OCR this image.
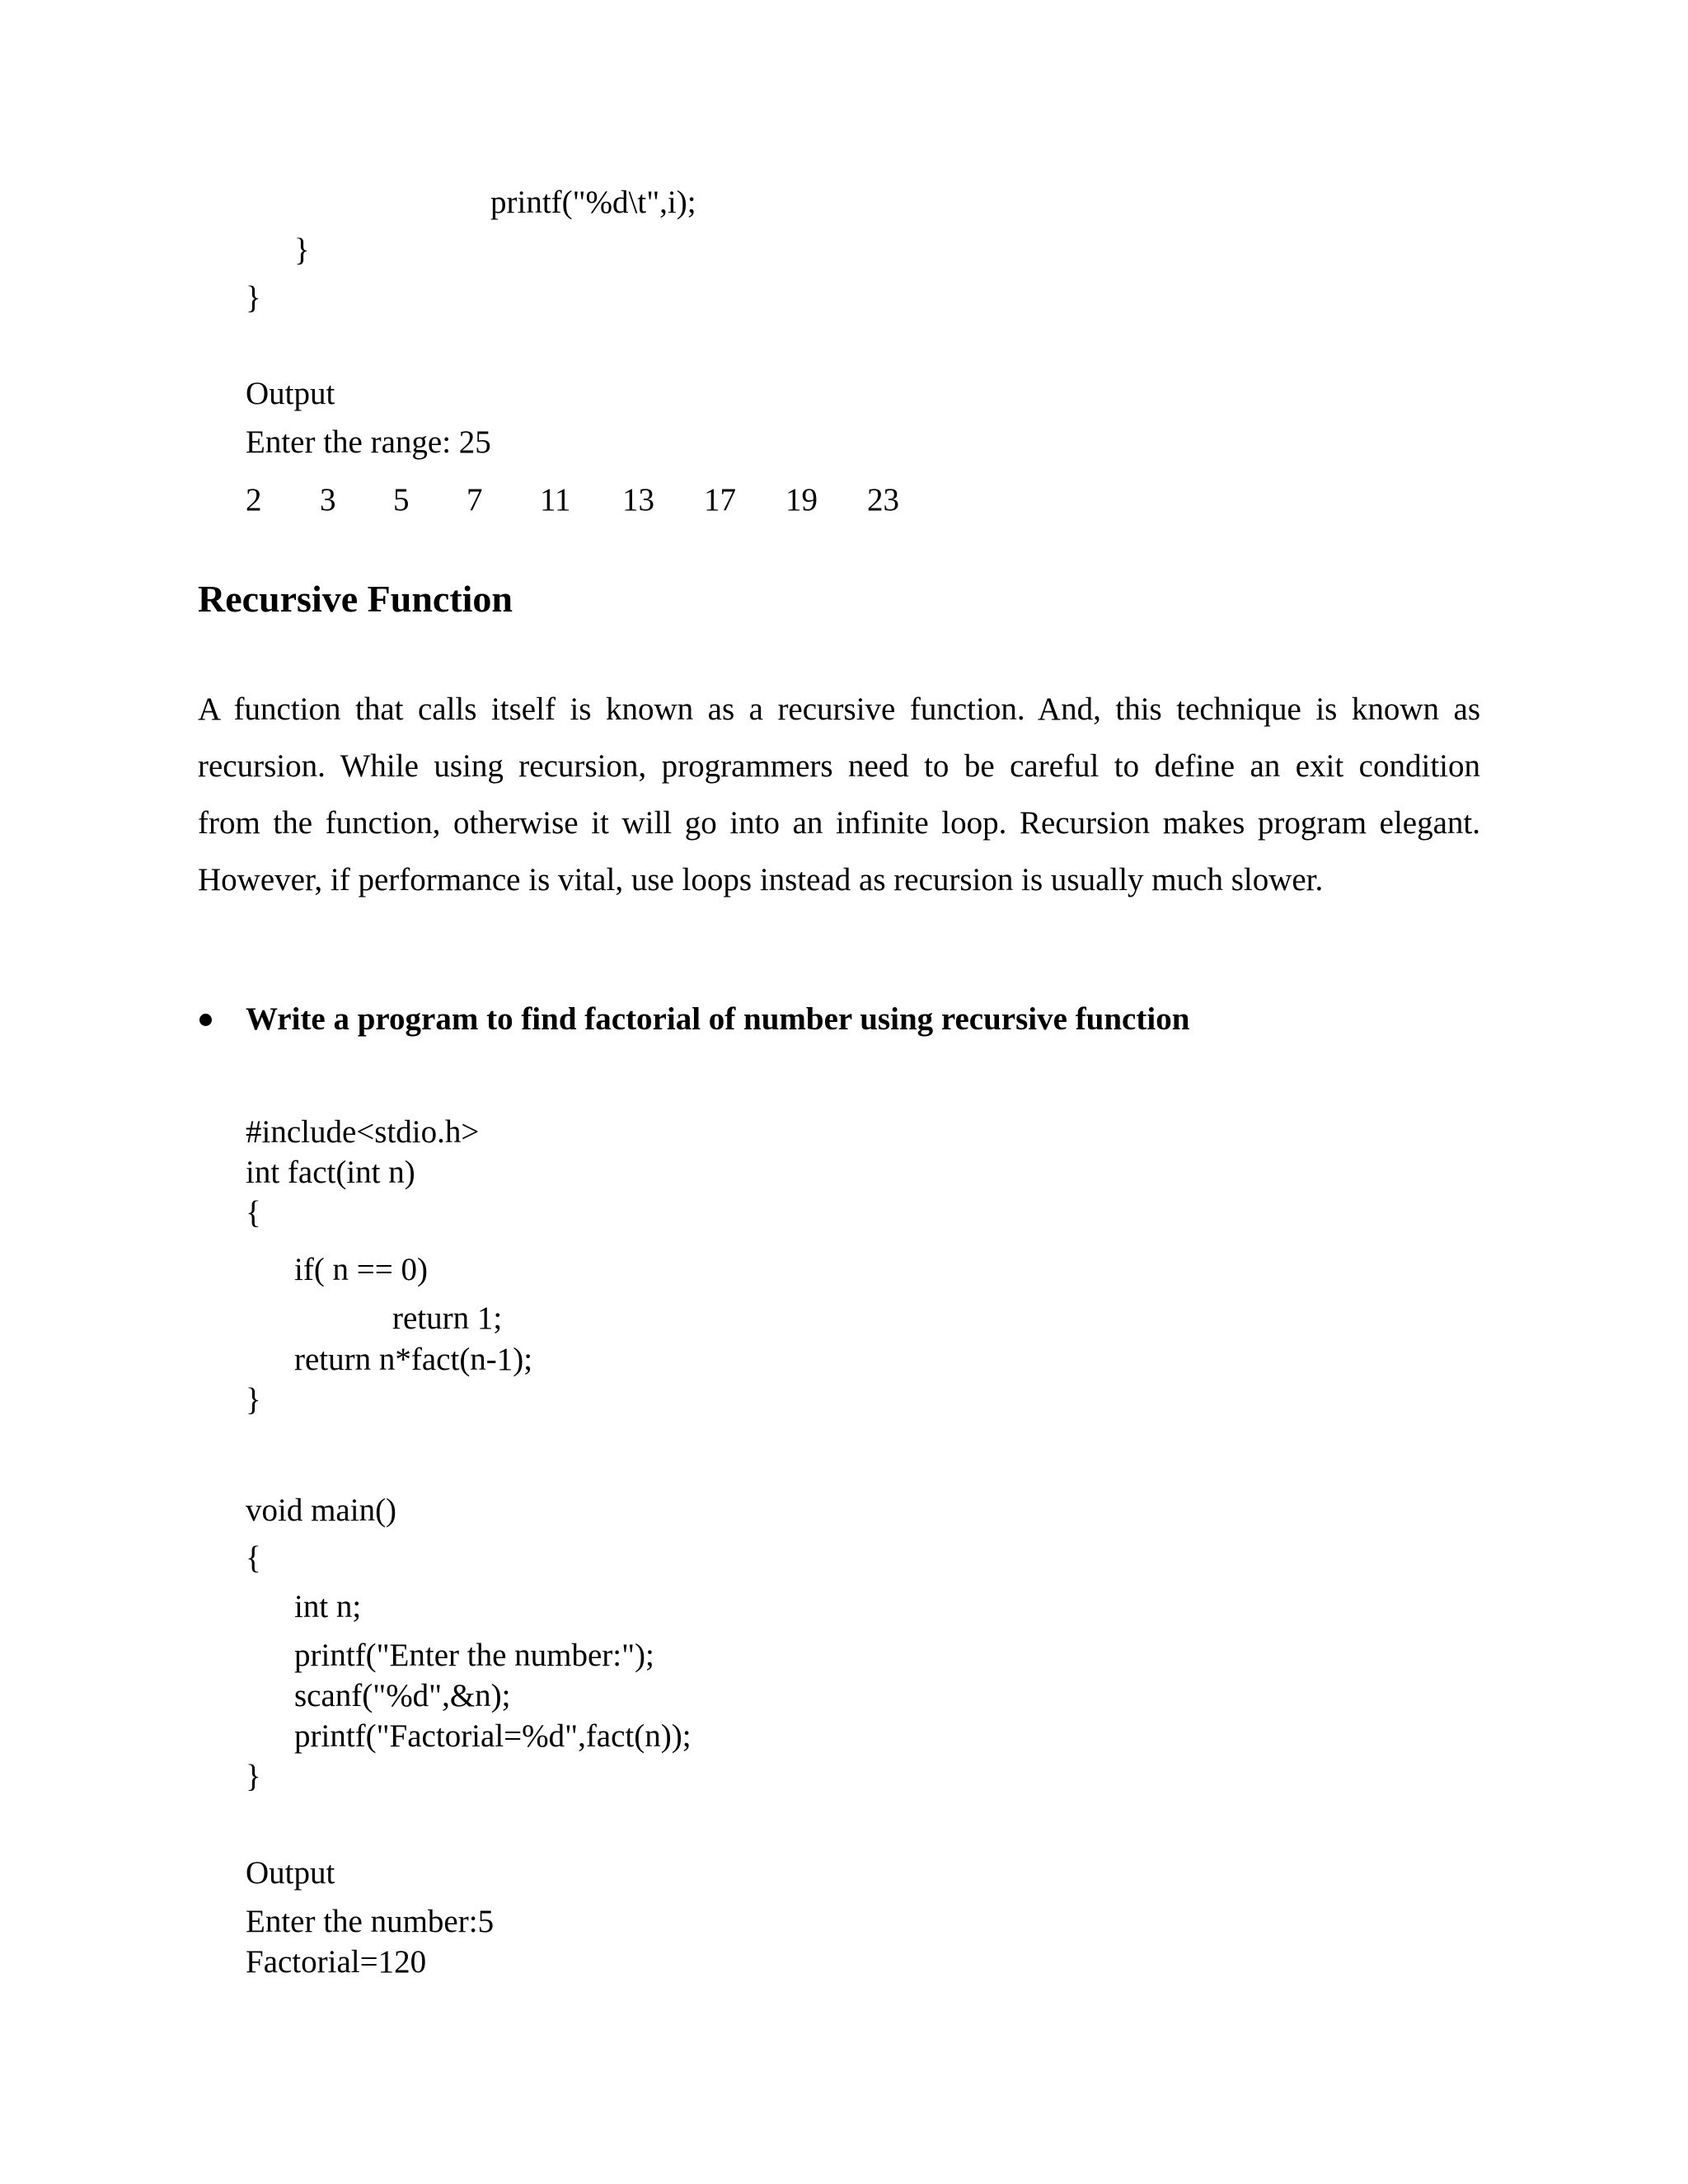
printf("%d\t",i);
}
}
Output
Enter the range: 25
2 3 5 7 11 13 17 19 23
Recursive Function
A function that calls itself is known as a recursive function. And, this technique is known as
recursion. While using recursion, programmers need to be careful to define an exit condition
from the function, otherwise it will go into an infinite loop. Recursion makes program elegant.
However, if performance is vital, use loops instead as recursion is usually much slower.
Write a program to find factorial of number using recursive function
#include<stdio.h>
int fact(int n)
{
if( n == 0)
return 1;
return n*fact(n-1);
}
void main()
{
int n;
printf("Enter the number:");
scanf("%d",&n);
printf("Factorial=%d",fact(n));
}
Output
Enter the number:5
Factorial=120
